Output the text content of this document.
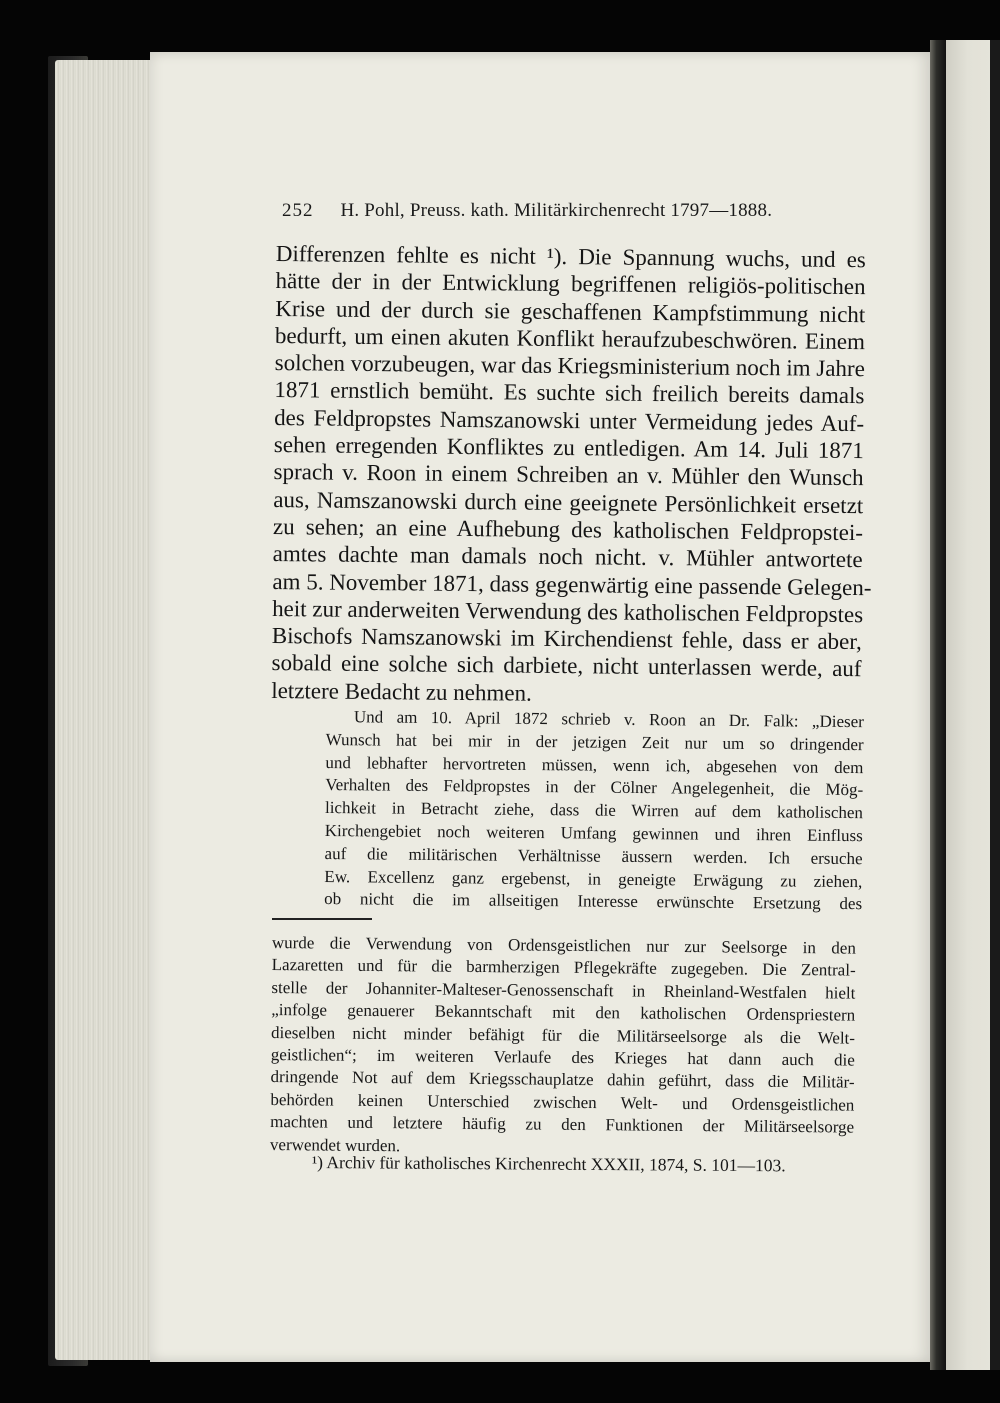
252 H. Pohl, Preuss. kath. Militärkirchenrecht 1797—1888.
Differenzen fehlte es nicht ¹). Die Spannung wuchs, und es
hätte der in der Entwicklung begriffenen religiös-politischen
Krise und der durch sie geschaffenen Kampfstimmung nicht
bedurft, um einen akuten Konflikt heraufzubeschwören. Einem
solchen vorzubeugen, war das Kriegsministerium noch im Jahre
1871 ernstlich bemüht. Es suchte sich freilich bereits damals
des Feldpropstes Namszanowski unter Vermeidung jedes Auf-
sehen erregenden Konfliktes zu entledigen. Am 14. Juli 1871
sprach v. Roon in einem Schreiben an v. Mühler den Wunsch
aus, Namszanowski durch eine geeignete Persönlichkeit ersetzt
zu sehen; an eine Aufhebung des katholischen Feldpropstei-
amtes dachte man damals noch nicht. v. Mühler antwortete
am 5. November 1871, dass gegenwärtig eine passende Gelegen-
heit zur anderweiten Verwendung des katholischen Feldpropstes
Bischofs Namszanowski im Kirchendienst fehle, dass er aber,
sobald eine solche sich darbiete, nicht unterlassen werde, auf
letztere Bedacht zu nehmen.
Und am 10. April 1872 schrieb v. Roon an Dr. Falk: „Dieser
Wunsch hat bei mir in der jetzigen Zeit nur um so dringender
und lebhafter hervortreten müssen, wenn ich, abgesehen von dem
Verhalten des Feldpropstes in der Cölner Angelegenheit, die Mög-
lichkeit in Betracht ziehe, dass die Wirren auf dem katholischen
Kirchengebiet noch weiteren Umfang gewinnen und ihren Einfluss
auf die militärischen Verhältnisse äussern werden. Ich ersuche
Ew. Excellenz ganz ergebenst, in geneigte Erwägung zu ziehen,
ob nicht die im allseitigen Interesse erwünschte Ersetzung des
wurde die Verwendung von Ordensgeistlichen nur zur Seelsorge in den
Lazaretten und für die barmherzigen Pflegekräfte zugegeben. Die Zentral-
stelle der Johanniter-Malteser-Genossenschaft in Rheinland-Westfalen hielt
„infolge genauerer Bekanntschaft mit den katholischen Ordenspriestern
dieselben nicht minder befähigt für die Militärseelsorge als die Welt-
geistlichen“; im weiteren Verlaufe des Krieges hat dann auch die
dringende Not auf dem Kriegsschauplatze dahin geführt, dass die Militär-
behörden keinen Unterschied zwischen Welt- und Ordensgeistlichen
machten und letztere häufig zu den Funktionen der Militärseelsorge
verwendet wurden.
¹) Archiv für katholisches Kirchenrecht XXXII, 1874, S. 101—103.
